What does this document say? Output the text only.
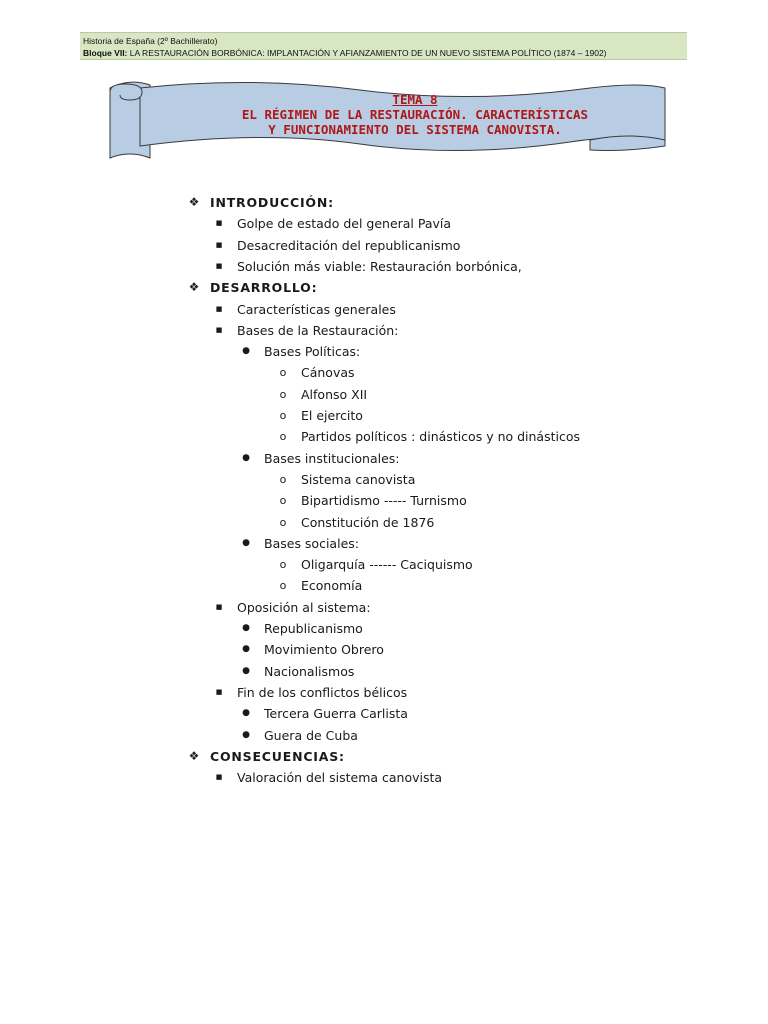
Historia de España (2º Bachillerato)
Bloque VII: LA RESTAURACIÓN BORBÓNICA: IMPLANTACIÓN Y AFIANZAMIENTO DE UN NUEVO SISTEMA POLÍTICO (1874 – 1902)
TEMA 8
EL RÉGIMEN DE LA RESTAURACIÓN. CARACTERÍSTICAS
Y FUNCIONAMIENTO DEL SISTEMA CANOVISTA.
❖ INTRODUCCIÓN:
■ Golpe de estado del general Pavía
■ Desacreditación del republicanismo
■ Solución más viable: Restauración borbónica,
❖ DESARROLLO:
■ Características generales
■ Bases de la Restauración:
● Bases Políticas:
o Cánovas
o Alfonso XII
o El ejercito
o Partidos políticos : dinásticos y no dinásticos
● Bases institucionales:
o Sistema canovista
o Bipartidismo ----- Turnismo
o Constitución de 1876
● Bases sociales:
o Oligarquía ------ Caciquismo
o Economía
■ Oposición al sistema:
● Republicanismo
● Movimiento Obrero
● Nacionalismos
■ Fin de los conflictos bélicos
● Tercera Guerra Carlista
● Guera de Cuba
❖ CONSECUENCIAS:
■ Valoración del sistema canovista
